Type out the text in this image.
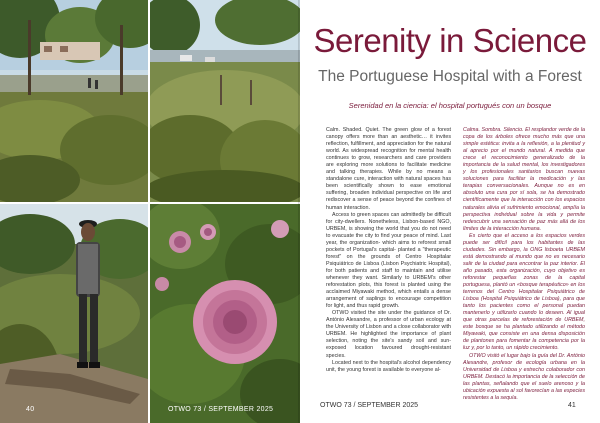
40	OTWO 73 / SEPTEMBER 2025
Serenity in Science
The Portuguese Hospital with a Forest
Serenidad en la ciencia: el hospital portugués con un bosque

Calm. Shaded. Quiet. The green glow of a forest canopy offers more than an aesthetic… it invites reflection, fulfillment, and appreciation for the natural world. As widespread recognition for mental health continues to grow, researchers and care providers are exploring more solutions to facilitate medicine and talking therapies. While by no means a standalone cure, interaction with natural spaces has been scientifically shown to ease emotional suffering, broaden individual perspective on life and rediscover a sense of peace beyond the confines of human interaction.

Access to green spaces can admittedly be difficult for city-dwellers. Nonetheless, Lisbon-based NGO, URBEM, is showing the world that you do not need to evacuate the city to find your peace of mind. Last year, the organization- which aims to reforest small pockets of Portugal's capital- planted a "therapeutic forest" on the grounds of Centro Hospitalar Psiquiátrico de Lisboa (Lisbon Psychiatric Hospital), for both patients and staff to maintain and utilise whenever they want. Similarly to URBEM's other reforestation plots, this forest is planted using the acclaimed Miyawaki method, which entails a dense arrangement of saplings to encourage competition for light, and thus rapid growth.

OTWO visited the site under the guidance of Dr. António Alexandre, a professor of urban ecology at the University of Lisbon and a close collaborator with URBEM. He highlighted the importance of plant selection, noting the site's sandy soil and sun-exposed location favoured drought-resistant species.

Located next to the hospital's alcohol dependency unit, the young forest is available to everyone al-

Calma. Sombra. Silencio. El resplandor verde de la copa de los árboles ofrece mucho más que una simple estética: invita a la reflexión, a la plenitud y al aprecio por el mundo natural. A medida que crece el reconocimiento generalizado de la importancia de la salud mental, los investigadores y los profesionales sanitarios buscan nuevas soluciones para facilitar la medicación y las terapias conversacionales. Aunque no es en absoluto una cura por sí sola, se ha demostrado científicamente que la interacción con los espacios naturales alivia el sufrimiento emocional, amplía la perspectiva individual sobre la vida y permite redescubrir una sensación de paz más allá de los límites de la interacción humana.

Es cierto que el acceso a los espacios verdes puede ser difícil para los habitantes de las ciudades. Sin embargo, la ONG lisboeta URBEM está demostrando al mundo que no es necesario salir de la ciudad para encontrar la paz interior. El año pasado, esta organización, cuyo objetivo es reforestar pequeñas zonas de la capital portuguesa, plantó un «bosque terapéutico» en los terrenos del Centro Hospitalar Psiquiátrico de Lisboa (Hospital Psiquiátrico de Lisboa), para que tanto los pacientes como el personal puedan mantenerlo y utilizarlo cuando lo deseen. Al igual que otras parcelas de reforestación de URBEM, este bosque se ha plantado utilizando el método Miyawaki, que consiste en una densa disposición de plantones para fomentar la competencia por la luz y, por lo tanto, un rápido crecimiento.

OTWO visitó el lugar bajo la guía del Dr. António Alexandre, profesor de ecología urbana en la Universidad de Lisboa y estrecho colaborador con URBEM. Destacó la importancia de la selección de las plantas, señalando que el suelo arenoso y la ubicación expuesta al sol favorecían a las especies resistentes a la sequía.

OTWO 73 / SEPTEMBER 2025	41
